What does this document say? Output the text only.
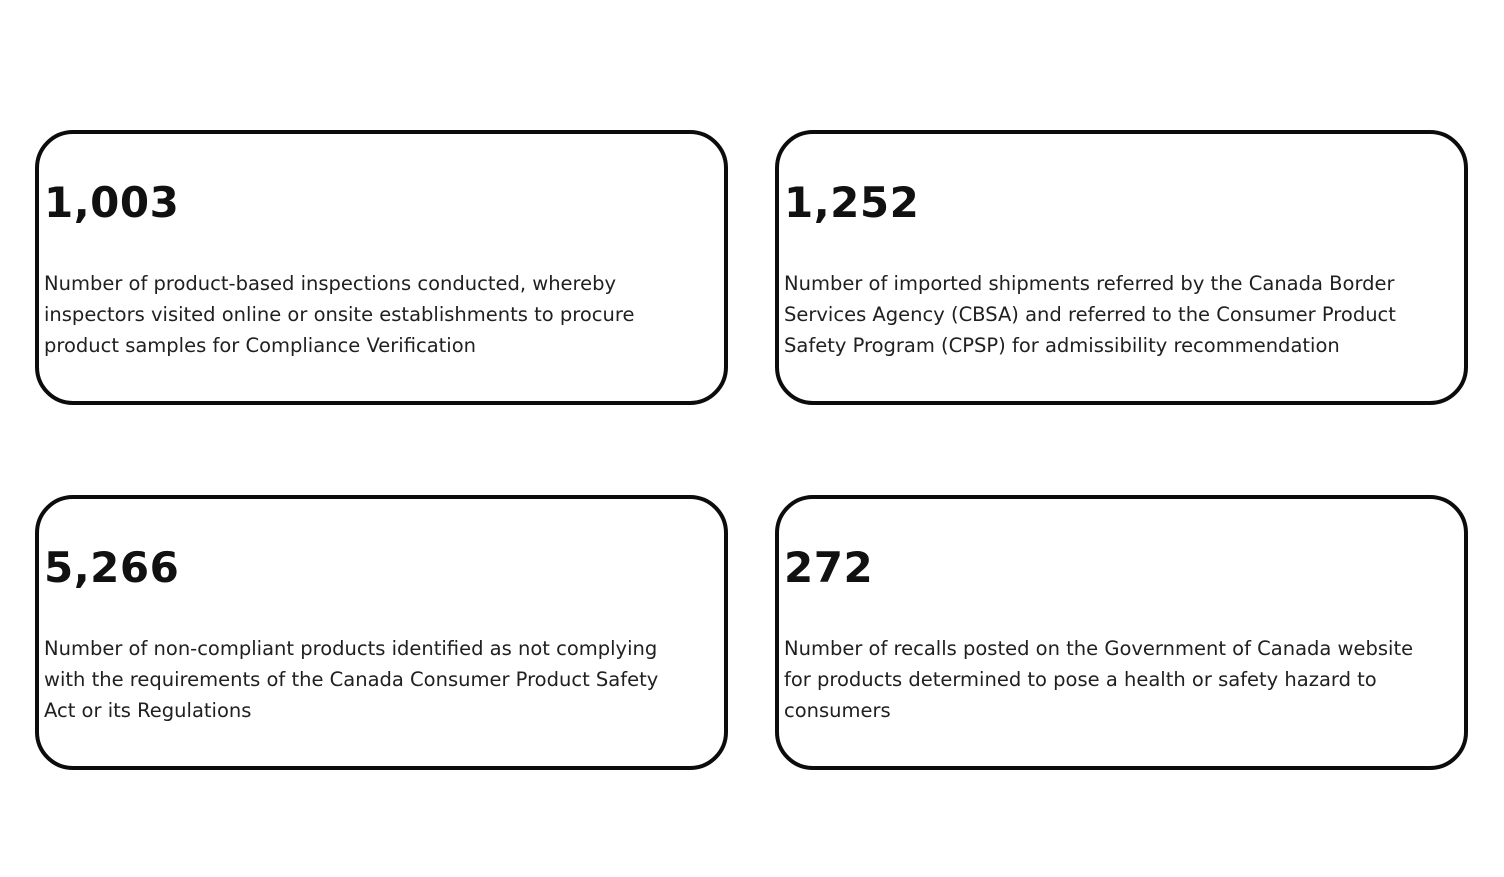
1,003

Number of product-based inspections conducted, whereby inspectors visited online or onsite establishments to procure product samples for Compliance Verification

1,252

Number of imported shipments referred by the Canada Border Services Agency (CBSA) and referred to the Consumer Product Safety Program (CPSP) for admissibility recommendation

5,266

Number of non-compliant products identified as not complying with the requirements of the Canada Consumer Product Safety Act or its Regulations

272

Number of recalls posted on the Government of Canada website for products determined to pose a health or safety hazard to consumers
